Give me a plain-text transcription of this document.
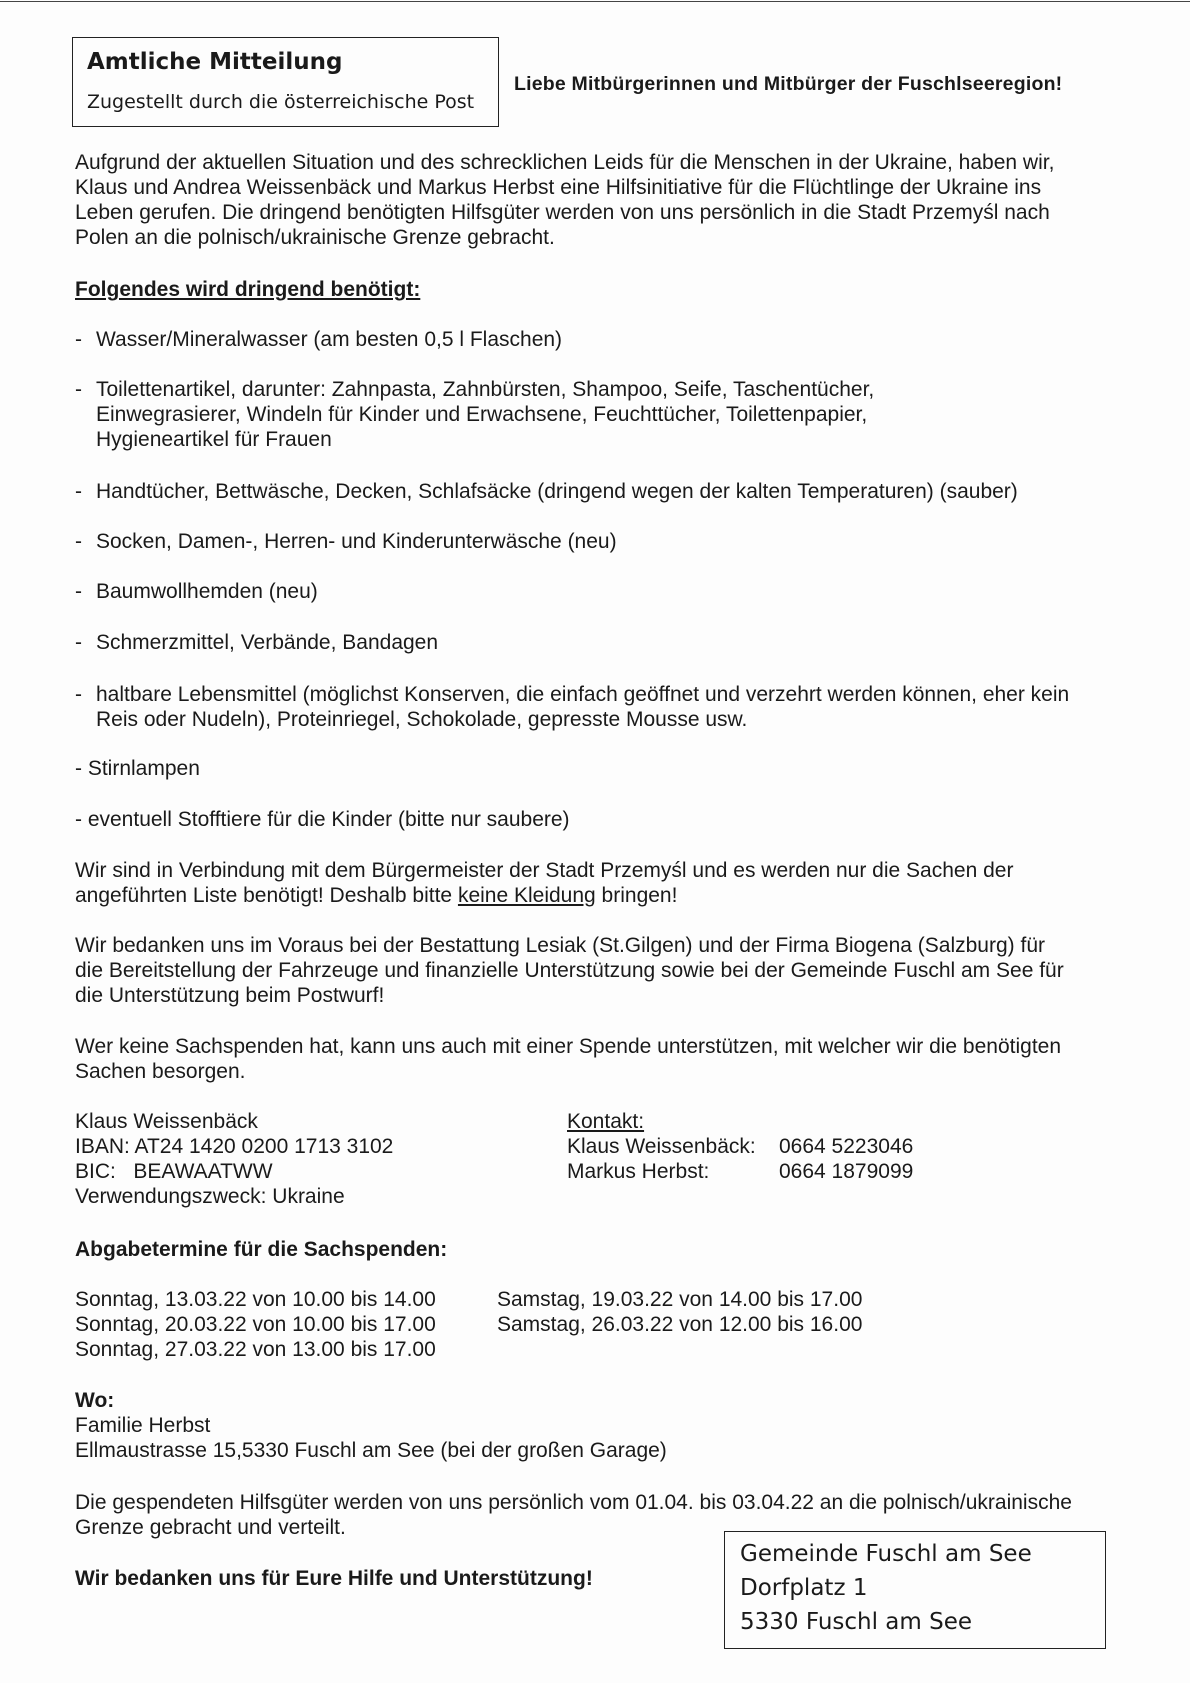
Amtliche Mitteilung
Zugestellt durch die österreichische Post
Liebe Mitbürgerinnen und Mitbürger der Fuschlseeregion!
Aufgrund der aktuellen Situation und des schrecklichen Leids für die Menschen in der Ukraine, haben wir,
Klaus und Andrea Weissenbäck und Markus Herbst eine Hilfsinitiative für die Flüchtlinge der Ukraine ins
Leben gerufen. Die dringend benötigten Hilfsgüter werden von uns persönlich in die Stadt Przemyśl nach
Polen an die polnisch/ukrainische Grenze gebracht.
Folgendes wird dringend benötigt:
- Wasser/Mineralwasser (am besten 0,5 l Flaschen)
- Toilettenartikel, darunter: Zahnpasta, Zahnbürsten, Shampoo, Seife, Taschentücher,
Einwegrasierer, Windeln für Kinder und Erwachsene, Feuchttücher, Toilettenpapier,
Hygieneartikel für Frauen
- Handtücher, Bettwäsche, Decken, Schlafsäcke (dringend wegen der kalten Temperaturen) (sauber)
- Socken, Damen-, Herren- und Kinderunterwäsche (neu)
- Baumwollhemden (neu)
- Schmerzmittel, Verbände, Bandagen
- haltbare Lebensmittel (möglichst Konserven, die einfach geöffnet und verzehrt werden können, eher kein
Reis oder Nudeln), Proteinriegel, Schokolade, gepresste Mousse usw.
- Stirnlampen
- eventuell Stofftiere für die Kinder (bitte nur saubere)
Wir sind in Verbindung mit dem Bürgermeister der Stadt Przemyśl und es werden nur die Sachen der
angeführten Liste benötigt! Deshalb bitte keine Kleidung bringen!
Wir bedanken uns im Voraus bei der Bestattung Lesiak (St.Gilgen) und der Firma Biogena (Salzburg) für
die Bereitstellung der Fahrzeuge und finanzielle Unterstützung sowie bei der Gemeinde Fuschl am See für
die Unterstützung beim Postwurf!
Wer keine Sachspenden hat, kann uns auch mit einer Spende unterstützen, mit welcher wir die benötigten
Sachen besorgen.
Klaus Weissenbäck
IBAN: AT24 1420 0200 1713 3102
BIC:   BEAWAATWW
Verwendungszweck: Ukraine
Kontakt:
Klaus Weissenbäck: 0664 5223046
Markus Herbst:	0664 1879099
Abgabetermine für die Sachspenden:
Sonntag, 13.03.22 von 10.00 bis 14.00
Sonntag, 20.03.22 von 10.00 bis 17.00
Sonntag, 27.03.22 von 13.00 bis 17.00
Samstag, 19.03.22 von 14.00 bis 17.00
Samstag, 26.03.22 von 12.00 bis 16.00
Wo:
Familie Herbst
Ellmaustrasse 15,5330 Fuschl am See (bei der großen Garage)
Die gespendeten Hilfsgüter werden von uns persönlich vom 01.04. bis 03.04.22 an die polnisch/ukrainische
Grenze gebracht und verteilt.
Wir bedanken uns für Eure Hilfe und Unterstützung!
Gemeinde Fuschl am See
Dorfplatz 1
5330 Fuschl am See
